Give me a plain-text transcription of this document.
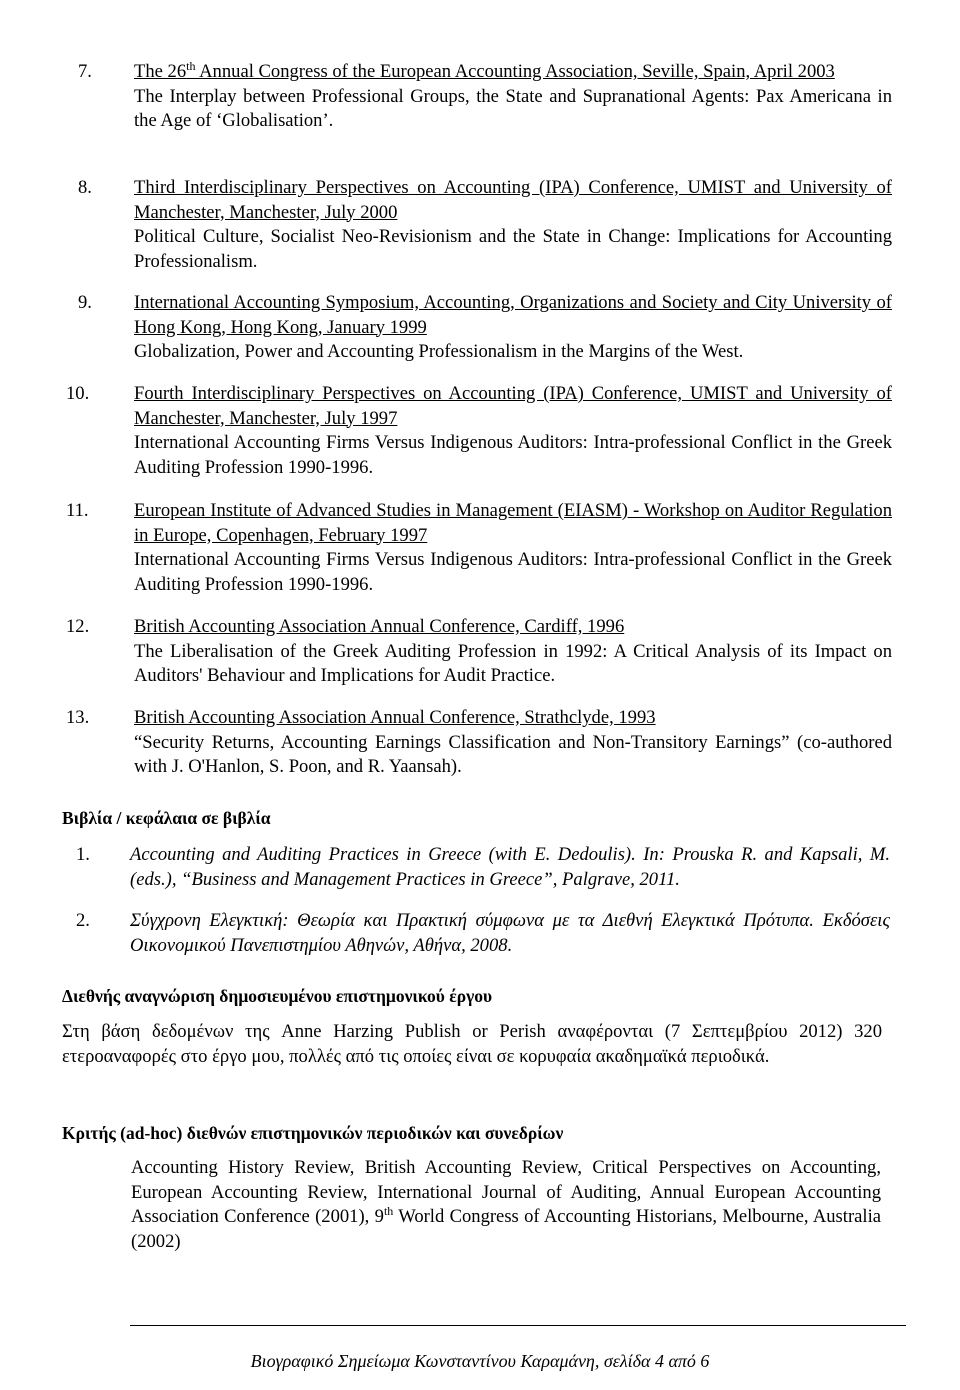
7. The 26th Annual Congress of the European Accounting Association, Seville, Spain, April 2003
The Interplay between Professional Groups, the State and Supranational Agents: Pax Americana in the Age of ‘Globalisation’.
8. Third Interdisciplinary Perspectives on Accounting (IPA) Conference, UMIST and University of Manchester, Manchester, July 2000
Political Culture, Socialist Neo-Revisionism and the State in Change: Implications for Accounting Professionalism.
9. International Accounting Symposium, Accounting, Organizations and Society and City University of Hong Kong, Hong Kong, January 1999
Globalization, Power and Accounting Professionalism in the Margins of the West.
10. Fourth Interdisciplinary Perspectives on Accounting (IPA) Conference, UMIST and University of Manchester, Manchester, July 1997
International Accounting Firms Versus Indigenous Auditors: Intra-professional Conflict in the Greek Auditing Profession 1990-1996.
11. European Institute of Advanced Studies in Management (EIASM) - Workshop on Auditor Regulation in Europe, Copenhagen, February 1997
International Accounting Firms Versus Indigenous Auditors: Intra-professional Conflict in the Greek Auditing Profession 1990-1996.
12. British Accounting Association Annual Conference, Cardiff, 1996
The Liberalisation of the Greek Auditing Profession in 1992: A Critical Analysis of its Impact on Auditors' Behaviour and Implications for Audit Practice.
13. British Accounting Association Annual Conference, Strathclyde, 1993
“Security Returns, Accounting Earnings Classification and Non-Transitory Earnings” (co-authored with J. O'Hanlon, S. Poon, and R. Yaansah).
Βιβλία / κεφάλαια σε βιβλία
1. Accounting and Auditing Practices in Greece (with E. Dedoulis). In: Prouska R. and Kapsali, M. (eds.), “Business and Management Practices in Greece”, Palgrave, 2011.
2. Σύγχρονη Ελεγκτική: Θεωρία και Πρακτική σύμφωνα με τα Διεθνή Ελεγκτικά Πρότυπα. Εκδόσεις Οικονομικού Πανεπιστημίου Αθηνών, Αθήνα, 2008.
Διεθνής αναγνώριση δημοσιευμένου επιστημονικού έργου
Στη βάση δεδομένων της Anne Harzing Publish or Perish αναφέρονται (7 Σεπτεμβρίου 2012) 320 ετεροαναφορές στο έργο μου, πολλές από τις οποίες είναι σε κορυφαία ακαδημαϊκά περιοδικά.
Κριτής (ad-hoc) διεθνών επιστημονικών περιοδικών και συνεδρίων
Accounting History Review, British Accounting Review, Critical Perspectives on Accounting, European Accounting Review, International Journal of Auditing, Annual European Accounting Association Conference (2001), 9th World Congress of Accounting Historians, Melbourne, Australia (2002)
Βιογραφικό Σημείωμα Κωνσταντίνου Καραμάνη, σελίδα 4 από 6
